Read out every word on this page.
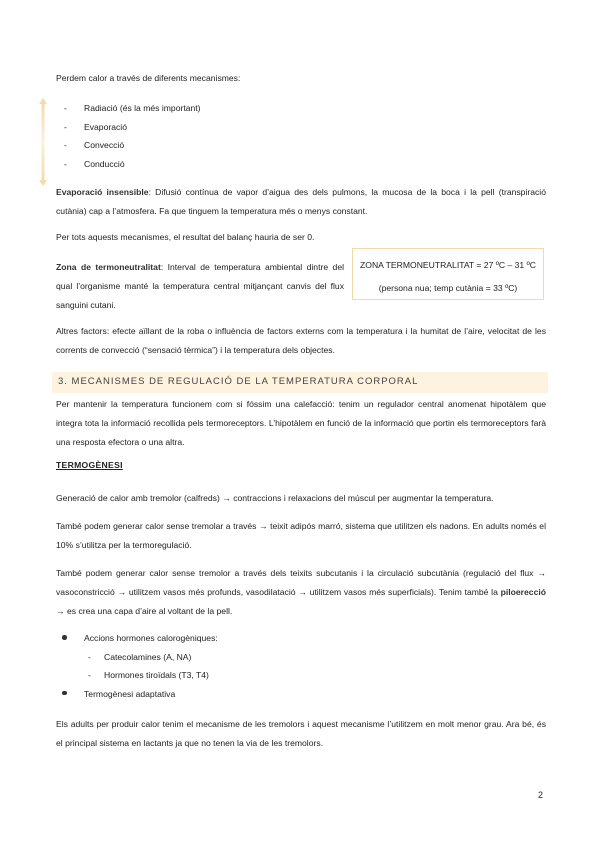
Perdem calor a través de diferents mecanismes:

- Radiació (és la més important)
- Evaporació
- Convecció
- Conducció

Evaporació insensible: Difusió contínua de vapor d’aigua des dels pulmons, la mucosa de la boca i la pell (transpiració cutània) cap a l’atmosfera. Fa que tinguem la temperatura més o menys constant.

Per tots aquests mecanismes, el resultat del balanç hauria de ser 0.

Zona de termoneutralitat: Interval de temperatura ambiental dintre del qual l’organisme manté la temperatura central mitjançant canvis del flux sanguini cutani.

ZONA TERMONEUTRALITAT = 27 ºC – 31 ºC
(persona nua; temp cutània = 33 ºC)

Altres factors: efecte aïllant de la roba o influència de factors externs com la temperatura i la humitat de l’aire, velocitat de les corrents de convecció (“sensació tèrmica”) i la temperatura dels objectes.

3. MECANISMES DE REGULACIÓ DE LA TEMPERATURA CORPORAL

Per mantenir la temperatura funcionem com si fóssim una calefacció: tenim un regulador central anomenat hipotàlem que integra tota la informació recollida pels termoreceptors. L’hipotàlem en funció de la informació que portin els termoreceptors farà una resposta efectora o una altra.

TERMOGÈNESI

Generació de calor amb tremolor (calfreds) → contraccions i relaxacions del múscul per augmentar la temperatura.

També podem generar calor sense tremolar a través → teixit adipós marró, sistema que utilitzen els nadons. En adults només el 10% s’utilitza per la termoregulació.

També podem generar calor sense tremolor a través dels teixits subcutanis i la circulació subcutània (regulació del flux → vasoconstricció → utilitzem vasos més profunds, vasodilatació → utilitzem vasos més superficials). Tenim també la piloerecció → es crea una capa d’aire al voltant de la pell.

Accions hormones calorogèniques:
- Catecolamines (A, NA)
- Hormones tiroïdals (T3, T4)
Termogènesi adaptativa

Els adults per produir calor tenim el mecanisme de les tremolors i aquest mecanisme l’utilitzem en molt menor grau. Ara bé, és el principal sistema en lactants ja que no tenen la via de les tremolors.

2
